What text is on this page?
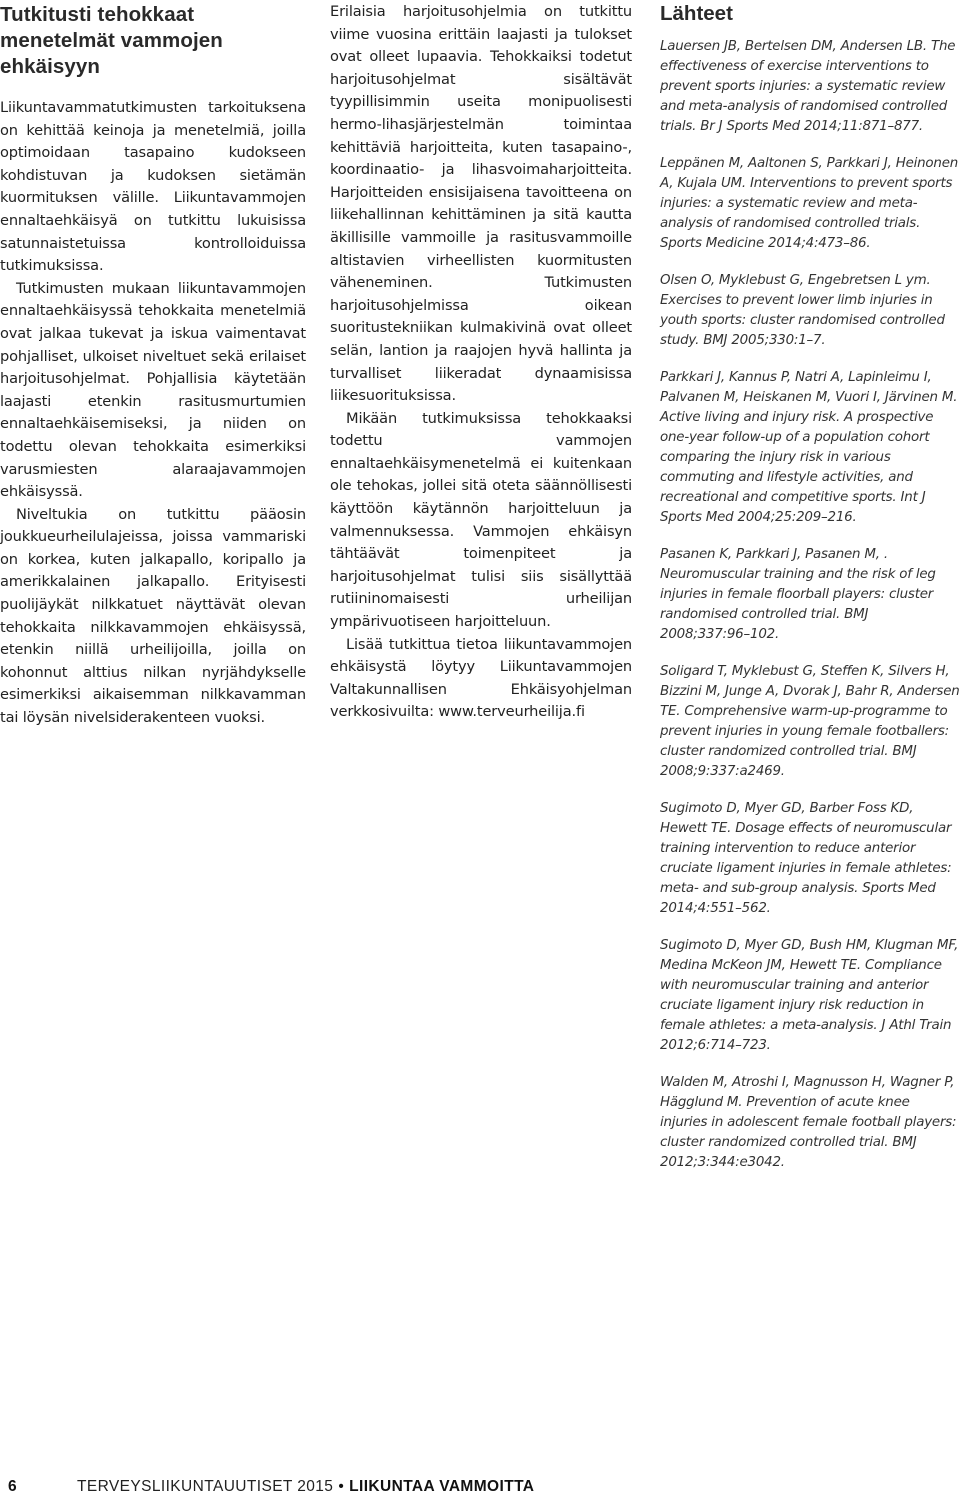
Tutkitusti tehokkaat menetelmät vammojen ehkäisyyn

Liikuntavammatutkimusten tarkoituksena on kehittää keinoja ja menetelmiä, joilla optimoidaan tasapaino kudokseen kohdistuvan ja kudoksen sietämän kuormituksen välille. Liikuntavammojen ennaltaehkäisyä on tutkittu lukuisissa satunnaistetuissa kontrolloiduissa tutkimuksissa.

Tutkimusten mukaan liikuntavammojen ennaltaehkäisyssä tehokkaita menetelmiä ovat jalkaa tukevat ja iskua vaimentavat pohjalliset, ulkoiset niveltuet sekä erilaiset harjoitusohjelmat. Pohjallisia käytetään laajasti etenkin rasitusmurtumien ennaltaehkäisemiseksi, ja niiden on todettu olevan tehokkaita esimerkiksi varusmiesten alaraajavammojen ehkäisyssä.

Niveltukia on tutkittu pääosin joukkueurheilulajeissa, joissa vammariski on korkea, kuten jalkapallo, koripallo ja amerikkalainen jalkapallo. Erityisesti puolijäykät nilkkatuet näyttävät olevan tehokkaita nilkkavammojen ehkäisyssä, etenkin niillä urheilijoilla, joilla on kohonnut alttius nilkan nyrjähdykselle esimerkiksi aikaisemman nilkkavamman tai löysän nivelsiderakenteen vuoksi.

Erilaisia harjoitusohjelmia on tutkittu viime vuosina erittäin laajasti ja tulokset ovat olleet lupaavia. Tehokkaiksi todetut harjoitusohjelmat sisältävät tyypillisimmin useita monipuolisesti hermo-lihasjärjestelmän toimintaa kehittäviä harjoitteita, kuten tasapaino-, koordinaatio- ja lihasvoimaharjoitteita. Harjoitteiden ensisijaisena tavoitteena on liikehallinnan kehittäminen ja sitä kautta äkillisille vammoille ja rasitusvammoille altistavien virheellisten kuormitusten vähenеminen. Tutkimusten harjoitusohjelmissa oikean suoritustekniikan kulmakivinä ovat olleet selän, lantion ja raajojen hyvä hallinta ja turvalliset liikeradat dynaamisissa liikesuorituksissa.

Mikään tutkimuksissa tehokkaaksi todettu vammojen ennaltaehkäisymenetelmä ei kuitenkaan ole tehokas, jollei sitä oteta säännöllisesti käyttöön käytännön harjoitteluun ja valmennuksessa. Vammojen ehkäisyn tähtäävät toimenpiteet ja harjoitusohjelmat tulisi siis sisällyttää rutiininomaisesti urheilijan ympärivuotiseen harjoitteluun.

Lisää tutkittua tietoa liikuntavammojen ehkäisystä löytyy Liikuntavammojen Valtakunnallisen Ehkäisyohjelman verkkosivuilta: www.terveurheilija.fi

Lähteet
Lauersen JB, Bertelsen DM, Andersen LB. The effectiveness of exercise interventions to prevent sports injuries: a systematic review and meta-analysis of randomised controlled trials. Br J Sports Med 2014;11:871–877.
Leppänen M, Aaltonen S, Parkkari J, Heinonen A, Kujala UM. Interventions to prevent sports injuries: a systematic review and meta-analysis of randomised controlled trials. Sports Medicine 2014;4:473–86.
Olsen O, Myklebust G, Engebretsen L ym. Exercises to prevent lower limb injuries in youth sports: cluster randomised controlled study. BMJ 2005;330:1–7.
Parkkari J, Kannus P, Natri A, Lapinleimu I, Palvanen M, Heiskanen M, Vuori I, Järvinen M. Active living and injury risk. A prospective one-year follow-up of a population cohort comparing the injury risk in various commuting and lifestyle activities, and recreational and competitive sports. Int J Sports Med 2004;25:209–216.
Pasanen K, Parkkari J, Pasanen M, . Neuromuscular training and the risk of leg injuries in female floorball players: cluster randomised controlled trial. BMJ 2008;337:96–102.
Soligard T, Myklebust G, Steffen K, Silvers H, Bizzini M, Junge A, Dvorak J, Bahr R, Andersen TE. Comprehensive warm-up-programme to prevent injuries in young female footballers: cluster randomized controlled trial. BMJ 2008;9:337:a2469.
Sugimoto D, Myer GD, Barber Foss KD, Hewett TE. Dosage effects of neuromuscular training intervention to reduce anterior cruciate ligament injuries in female athletes: meta- and sub-group analysis. Sports Med 2014;4:551–562.
Sugimoto D, Myer GD, Bush HM, Klugman MF, Medina McKeon JM, Hewett TE. Compliance with neuromuscular training and anterior cruciate ligament injury risk reduction in female athletes: a meta-analysis. J Athl Train 2012;6:714–723.
Walden M, Atroshi I, Magnusson H, Wagner P, Hägglund M. Prevention of acute knee injuries in adolescent female football players: cluster randomized controlled trial. BMJ 2012;3:344:e3042.
6	TERVEYSLIIKUNTAUUTISET 2015 • LIIKUNTAA VAMMOITTA
